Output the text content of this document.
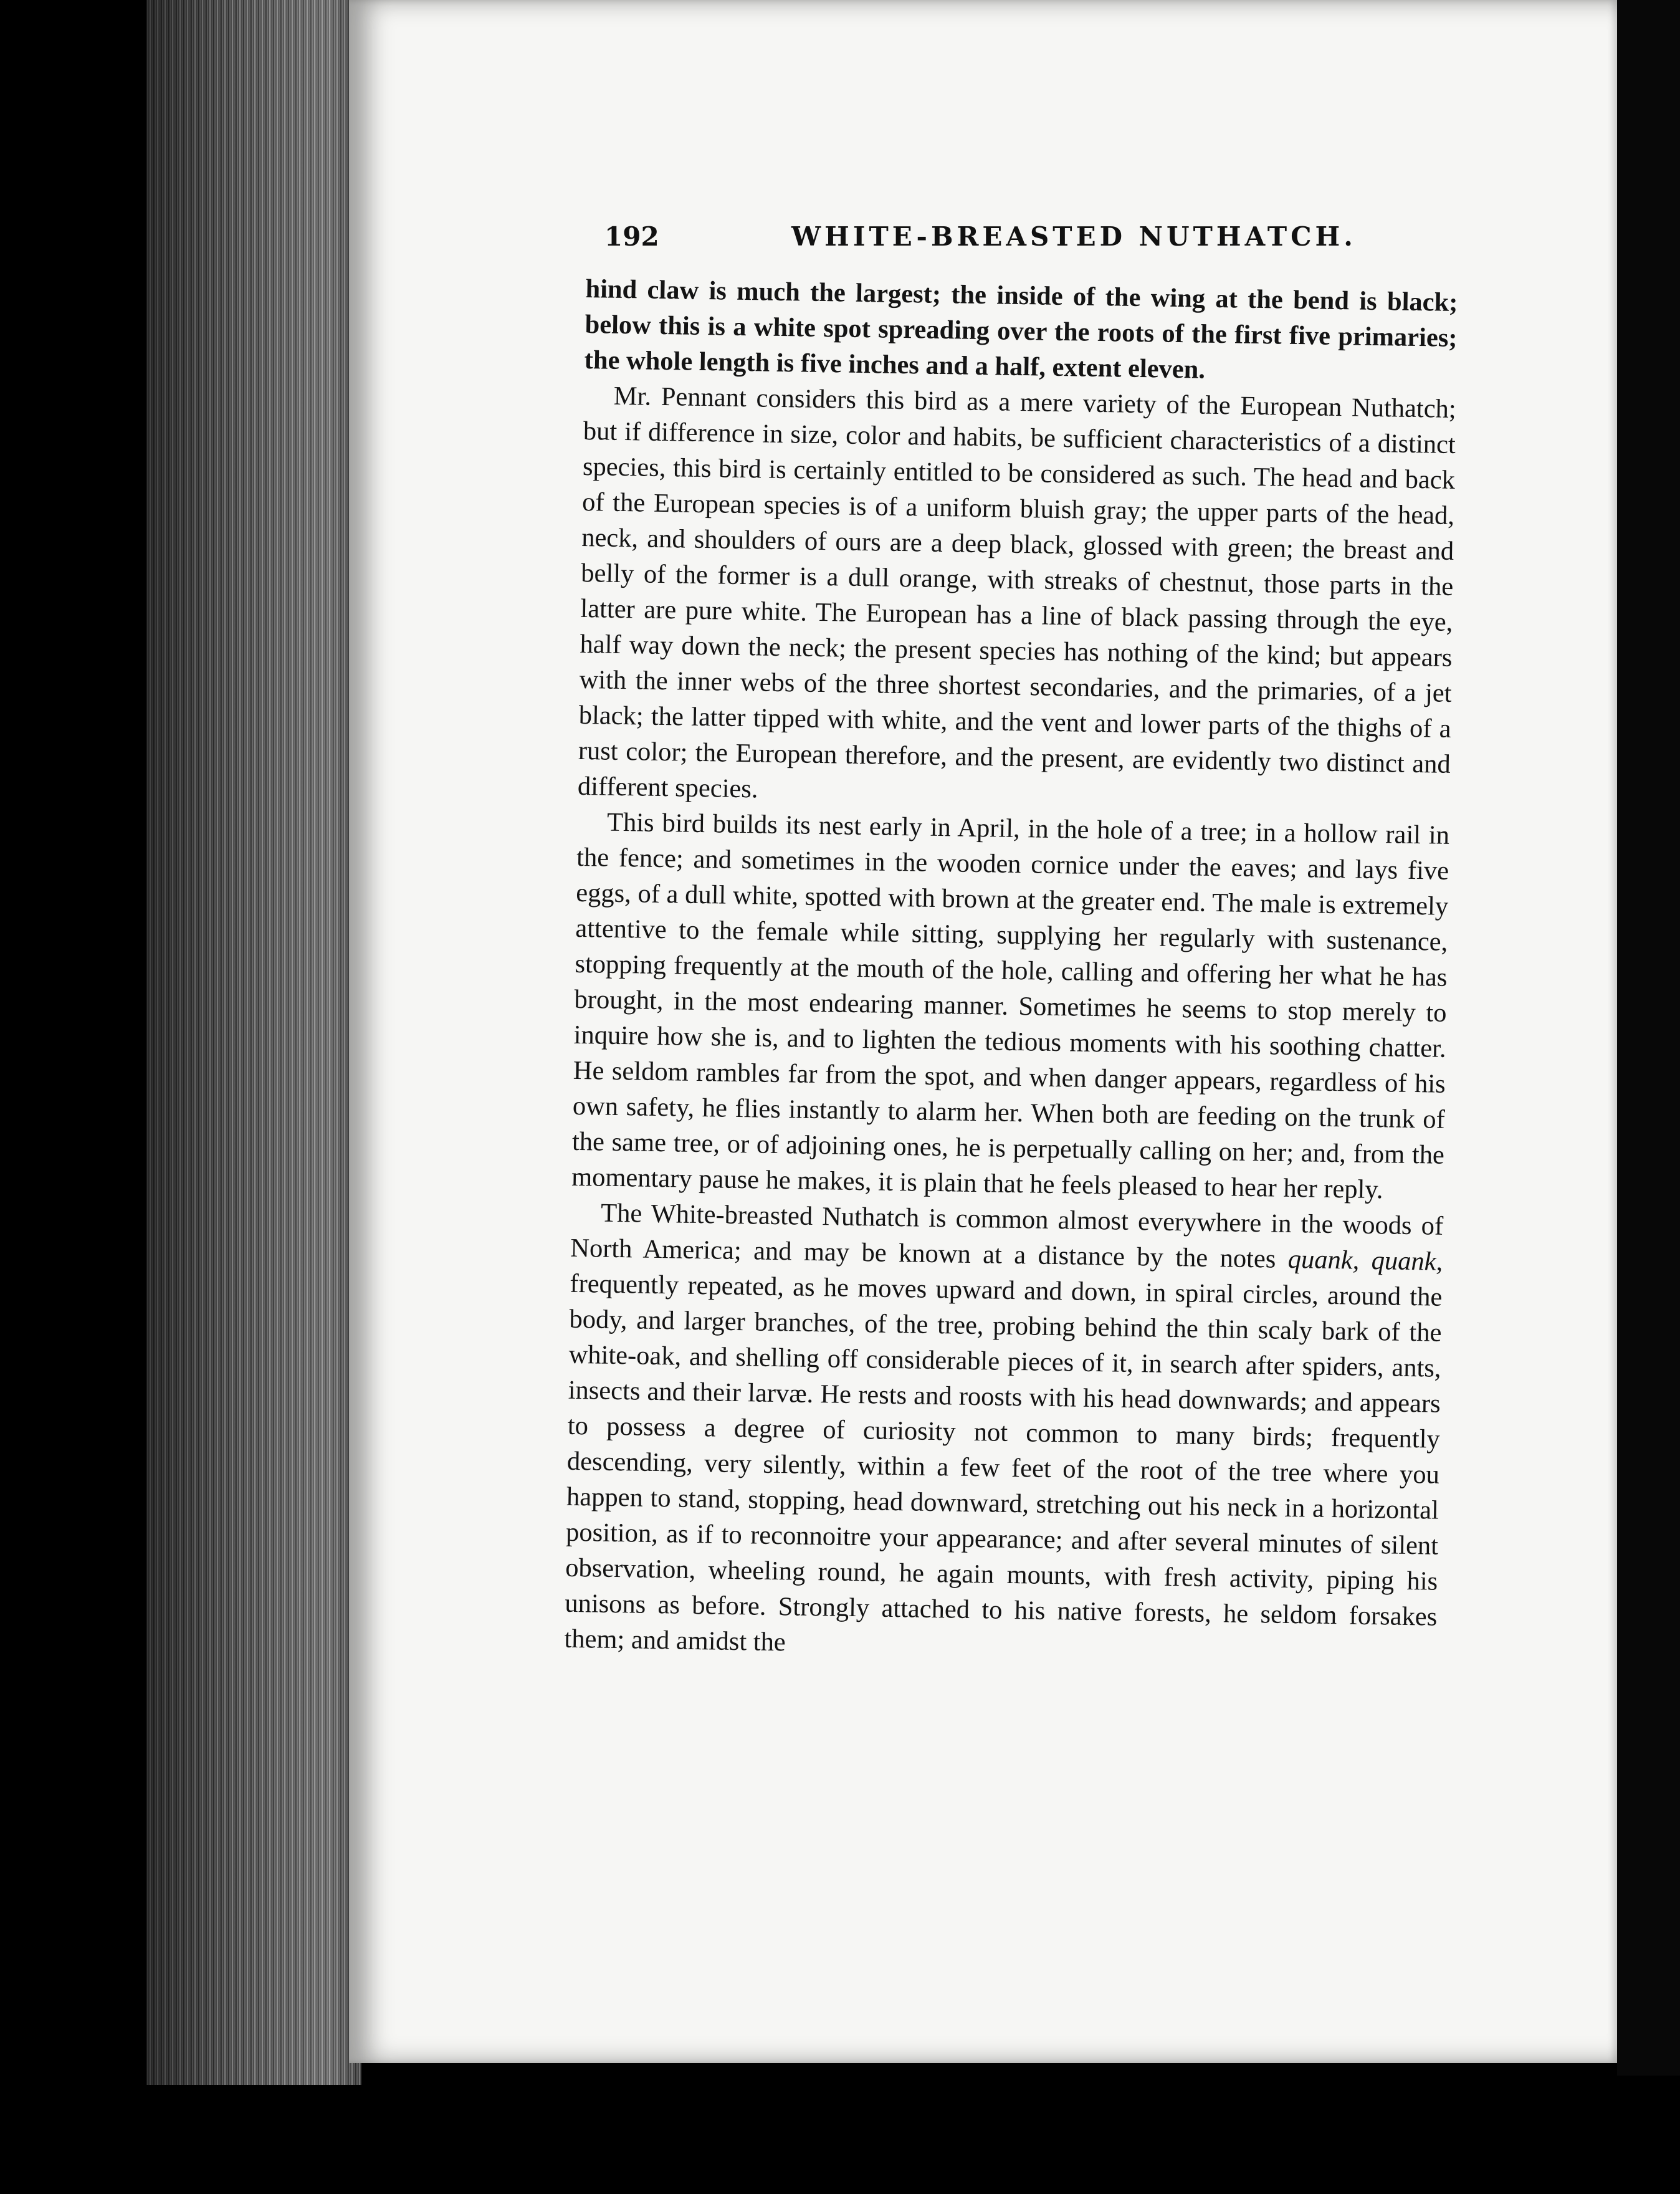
192	WHITE-BREASTED NUTHATCH.

hind claw is much the largest; the inside of the wing at the bend is black; below this is a white spot spreading over the roots of the first five primaries; the whole length is five inches and a half, extent eleven.

Mr. Pennant considers this bird as a mere variety of the European Nuthatch; but if difference in size, color and habits, be sufficient characteristics of a distinct species, this bird is certainly entitled to be considered as such. The head and back of the European species is of a uniform bluish gray; the upper parts of the head, neck, and shoulders of ours are a deep black, glossed with green; the breast and belly of the former is a dull orange, with streaks of chestnut, those parts in the latter are pure white. The European has a line of black passing through the eye, half way down the neck; the present species has nothing of the kind; but appears with the inner webs of the three shortest secondaries, and the primaries, of a jet black; the latter tipped with white, and the vent and lower parts of the thighs of a rust color; the European therefore, and the present, are evidently two distinct and different species.

This bird builds its nest early in April, in the hole of a tree; in a hollow rail in the fence; and sometimes in the wooden cornice under the eaves; and lays five eggs, of a dull white, spotted with brown at the greater end. The male is extremely attentive to the female while sitting, supplying her regularly with sustenance, stopping frequently at the mouth of the hole, calling and offering her what he has brought, in the most endearing manner. Sometimes he seems to stop merely to inquire how she is, and to lighten the tedious moments with his soothing chatter. He seldom rambles far from the spot, and when danger appears, regardless of his own safety, he flies instantly to alarm her. When both are feeding on the trunk of the same tree, or of adjoining ones, he is perpetually calling on her; and, from the momentary pause he makes, it is plain that he feels pleased to hear her reply.

The White-breasted Nuthatch is common almost everywhere in the woods of North America; and may be known at a distance by the notes quank, quank, frequently repeated, as he moves upward and down, in spiral circles, around the body, and larger branches, of the tree, probing behind the thin scaly bark of the white-oak, and shelling off considerable pieces of it, in search after spiders, ants, insects and their larvæ. He rests and roosts with his head downwards; and appears to possess a degree of curiosity not common to many birds; frequently descending, very silently, within a few feet of the root of the tree where you happen to stand, stopping, head downward, stretching out his neck in a horizontal position, as if to reconnoitre your appearance; and after several minutes of silent observation, wheeling round, he again mounts, with fresh activity, piping his unisons as before. Strongly attached to his native forests, he seldom forsakes them; and amidst the
